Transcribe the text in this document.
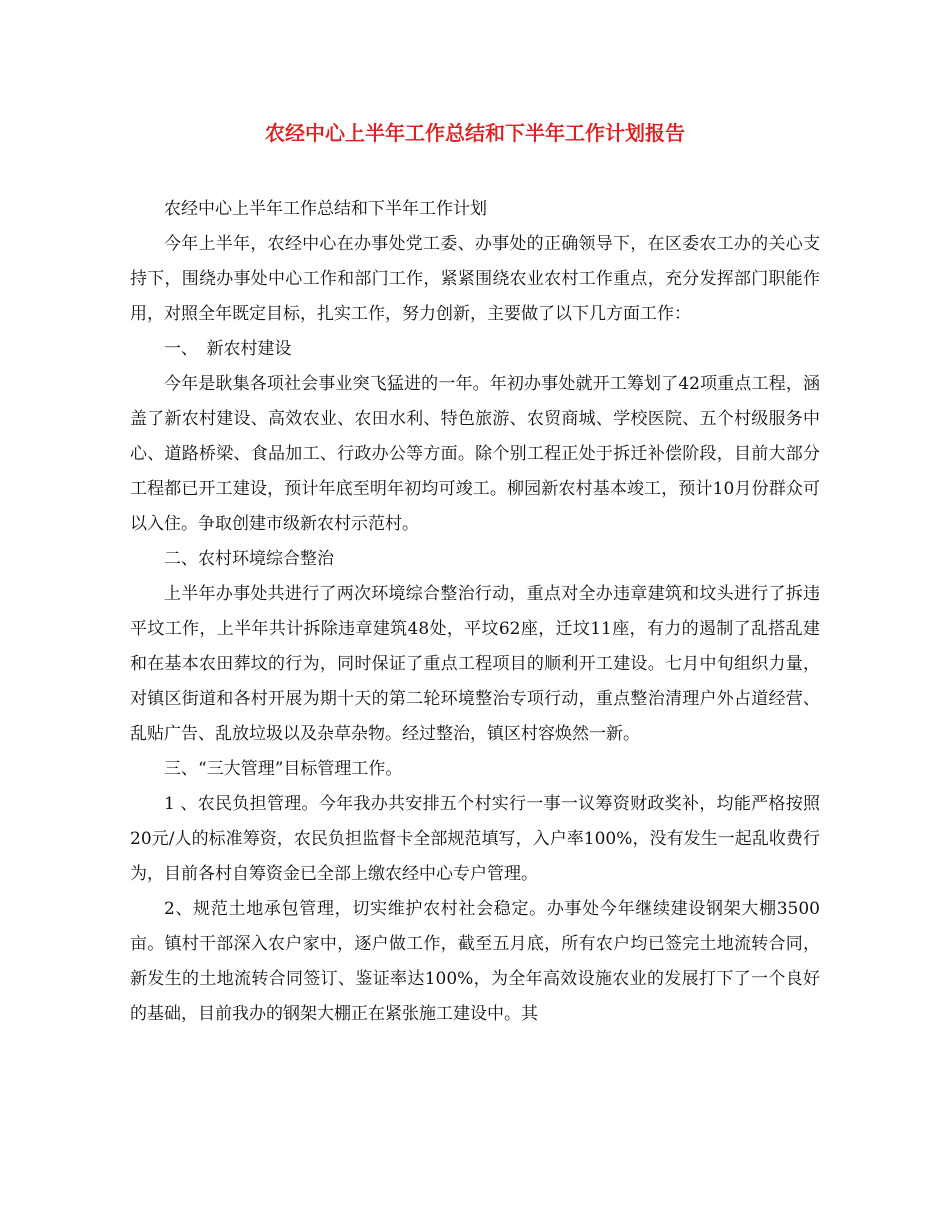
农经中心上半年工作总结和下半年工作计划报告

农经中心上半年工作总结和下半年工作计划

今年上半年，农经中心在办事处党工委、办事处的正确领导下，在区委农工办的关心支持下，围绕办事处中心工作和部门工作，紧紧围绕农业农村工作重点，充分发挥部门职能作用，对照全年既定目标，扎实工作，努力创新，主要做了以下几方面工作：

一、　新农村建设

今年是耿集各项社会事业突飞猛进的一年。年初办事处就开工筹划了42项重点工程，涵盖了新农村建设、高效农业、农田水利、特色旅游、农贸商城、学校医院、五个村级服务中心、道路桥梁、食品加工、行政办公等方面。除个别工程正处于拆迁补偿阶段，目前大部分工程都已开工建设，预计年底至明年初均可竣工。柳园新农村基本竣工，预计10月份群众可以入住。争取创建市级新农村示范村。

二、农村环境综合整治

上半年办事处共进行了两次环境综合整治行动，重点对全办违章建筑和坟头进行了拆违平坟工作，上半年共计拆除违章建筑48处，平坟62座，迁坟11座，有力的遏制了乱搭乱建和在基本农田葬坟的行为，同时保证了重点工程项目的顺利开工建设。七月中旬组织力量，对镇区街道和各村开展为期十天的第二轮环境整治专项行动，重点整治清理户外占道经营、乱贴广告、乱放垃圾以及杂草杂物。经过整治，镇区村容焕然一新。

三、“三大管理”目标管理工作。

1 、农民负担管理。今年我办共安排五个村实行一事一议筹资财政奖补，均能严格按照20元/人的标准筹资，农民负担监督卡全部规范填写，入户率100%，没有发生一起乱收费行为，目前各村自筹资金已全部上缴农经中心专户管理。

2、规范土地承包管理，切实维护农村社会稳定。办事处今年继续建设钢架大棚3500亩。镇村干部深入农户家中，逐户做工作，截至五月底，所有农户均已签完土地流转合同，新发生的土地流转合同签订、鉴证率达100%，为全年高效设施农业的发展打下了一个良好的基础，目前我办的钢架大棚正在紧张施工建设中。其
